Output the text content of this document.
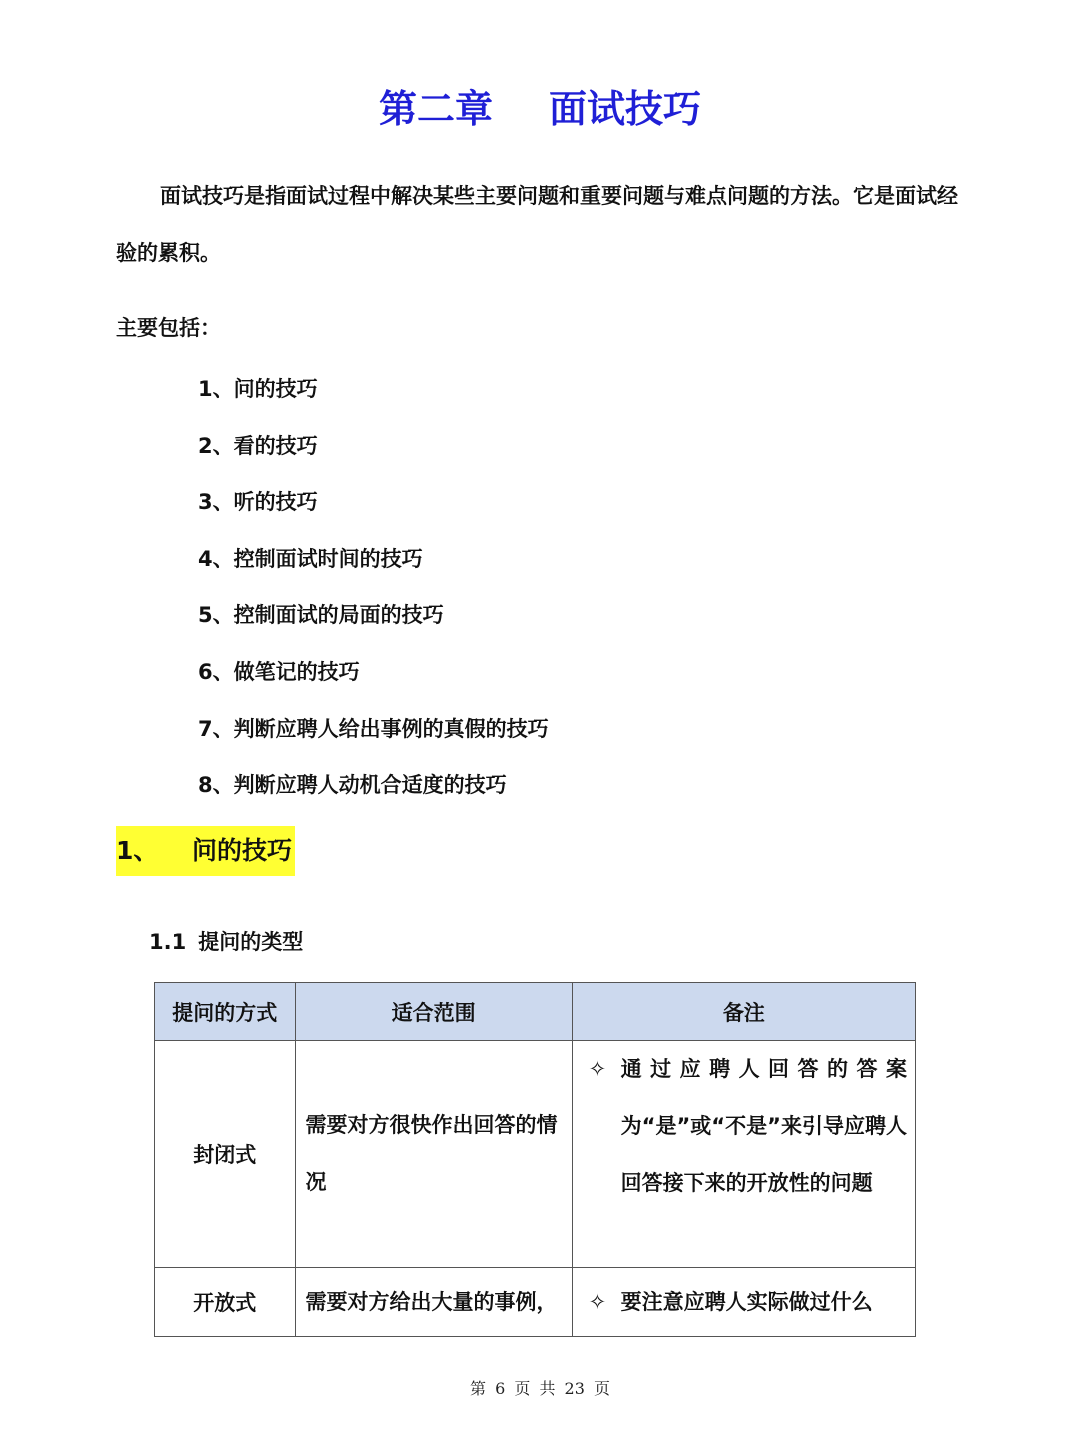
第二章 面试技巧
面试技巧是指面试过程中解决某些主要问题和重要问题与难点问题的方法。它是面试经验的累积。
主要包括：
1、问的技巧
2、看的技巧
3、听的技巧
4、控制面试时间的技巧
5、控制面试的局面的技巧
6、做笔记的技巧
7、判断应聘人给出事例的真假的技巧
8、判断应聘人动机合适度的技巧
1、 问的技巧
1.1 提问的类型
提问的方式	适合范围	备注
封闭式	需要对方很快作出回答的情况	✧ 通过应聘人回答的答案为“是”或“不是”来引导应聘人回答接下来的开放性的问题

开放式	需要对方给出大量的事例，	✧ 要注意应聘人实际做过什么
第 6 页 共 23 页
